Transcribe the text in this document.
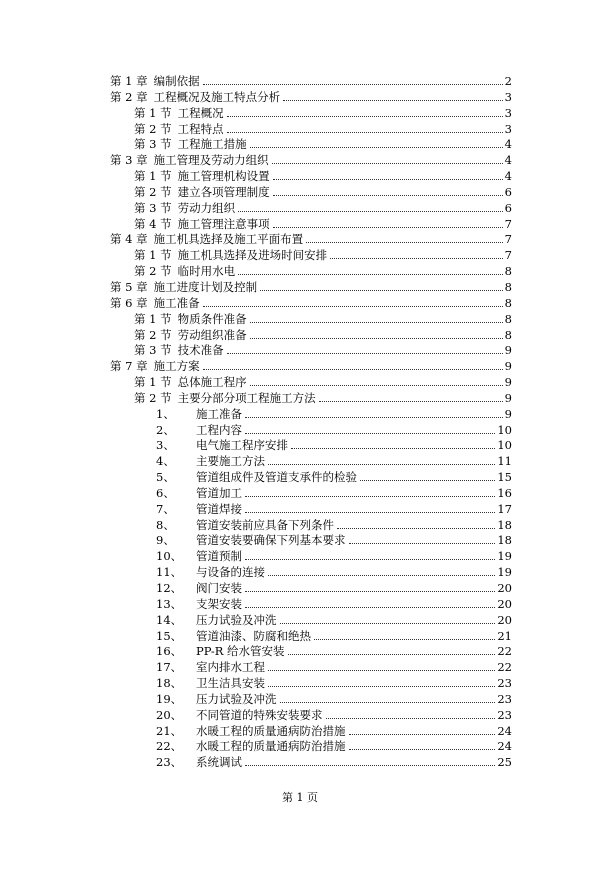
第 1 章 编制依据	2
第 2 章 工程概况及施工特点分析	3
第 1 节 工程概况	3
第 2 节 工程特点	3
第 3 节 工程施工措施	4
第 3 章 施工管理及劳动力组织	4
第 1 节 施工管理机构设置	4
第 2 节 建立各项管理制度	6
第 3 节 劳动力组织	6
第 4 节 施工管理注意事项	7
第 4 章 施工机具选择及施工平面布置	7
第 1 节 施工机具选择及进场时间安排	7
第 2 节 临时用水电	8
第 5 章 施工进度计划及控制	8
第 6 章 施工准备	8
第 1 节 物质条件准备	8
第 2 节 劳动组织准备	8
第 3 节 技术准备	9
第 7 章 施工方案	9
第 1 节 总体施工程序	9
第 2 节 主要分部分项工程施工方法	9
1、 施工准备	9
2、 工程内容	10
3、 电气施工程序安排	10
4、 主要施工方法	11
5、 管道组成件及管道支承件的检验	15
6、 管道加工	16
7、 管道焊接	17
8、 管道安装前应具备下列条件	18
9、 管道安装要确保下列基本要求	18
10、 管道预制	19
11、 与设备的连接	19
12、 阀门安装	20
13、 支架安装	20
14、 压力试验及冲洗	20
15、 管道油漆、防腐和绝热	21
16、 PP-R 给水管安装	22
17、 室内排水工程	22
18、 卫生洁具安装	23
19、 压力试验及冲洗	23
20、 不同管道的特殊安装要求	23
21、 水暖工程的质量通病防治措施	24
22、 水暖工程的质量通病防治措施	24
23、 系统调试	25
第 1 页
